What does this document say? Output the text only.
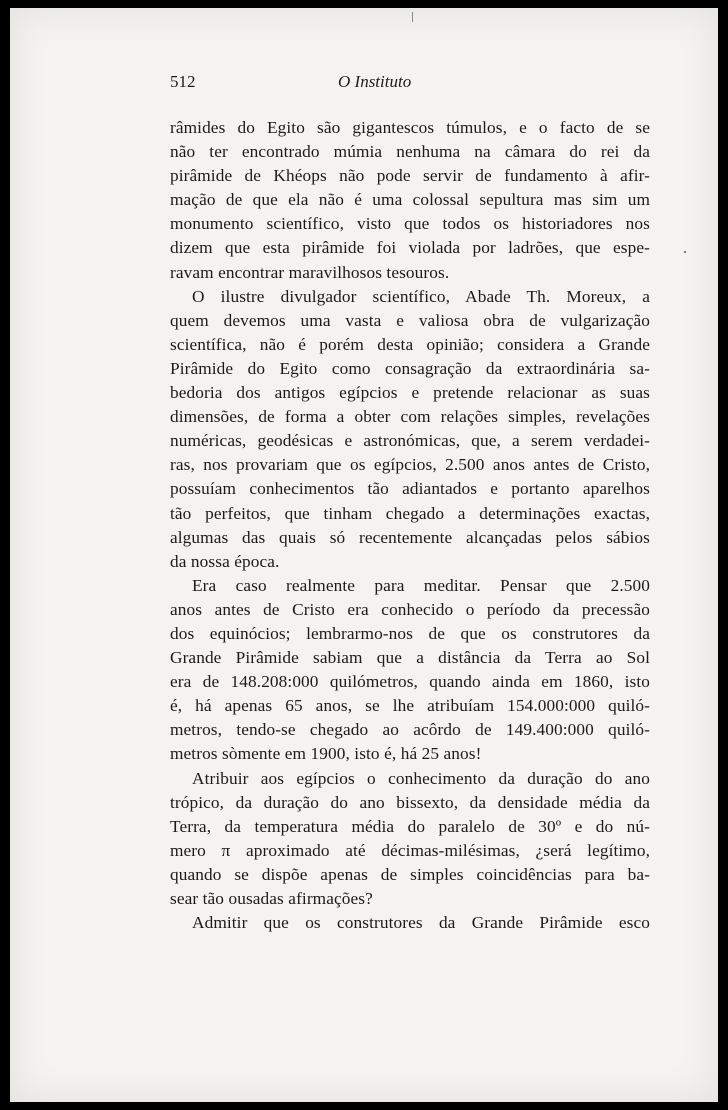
512	O Instituto
râmides do Egito são gigantescos túmulos, e o facto de se
não ter encontrado múmia nenhuma na câmara do rei da
pirâmide de Khéops não pode servir de fundamento à afir-
mação de que ela não é uma colossal sepultura mas sim um
monumento scientífico, visto que todos os historiadores nos
dizem que esta pirâmide foi violada por ladrões, que espe-
ravam encontrar maravilhosos tesouros.
O ilustre divulgador scientífico, Abade Th. Moreux, a
quem devemos uma vasta e valiosa obra de vulgarização
scientífica, não é porém desta opinião; considera a Grande
Pirâmide do Egito como consagração da extraordinária sa-
bedoria dos antigos egípcios e pretende relacionar as suas
dimensões, de forma a obter com relações simples, revelações
numéricas, geodésicas e astronómicas, que, a serem verdadei-
ras, nos provariam que os egípcios, 2.500 anos antes de Cristo,
possuíam conhecimentos tão adiantados e portanto aparelhos
tão perfeitos, que tinham chegado a determinações exactas,
algumas das quais só recentemente alcançadas pelos sábios
da nossa época.
Era caso realmente para meditar. Pensar que 2.500
anos antes de Cristo era conhecido o período da precessão
dos equinócios; lembrarmo-nos de que os construtores da
Grande Pirâmide sabiam que a distância da Terra ao Sol
era de 148.208:000 quilómetros, quando ainda em 1860, isto
é, há apenas 65 anos, se lhe atribuíam 154.000:000 quiló-
metros, tendo-se chegado ao acôrdo de 149.400:000 quiló-
metros sòmente em 1900, isto é, há 25 anos!
Atribuir aos egípcios o conhecimento da duração do ano
trópico, da duração do ano bissexto, da densidade média da
Terra, da temperatura média do paralelo de 30º e do nú-
mero π aproximado até décimas-milésimas, ¿será legítimo,
quando se dispõe apenas de simples coincidências para ba-
sear tão ousadas afirmações?
Admitir que os construtores da Grande Pirâmide esco
